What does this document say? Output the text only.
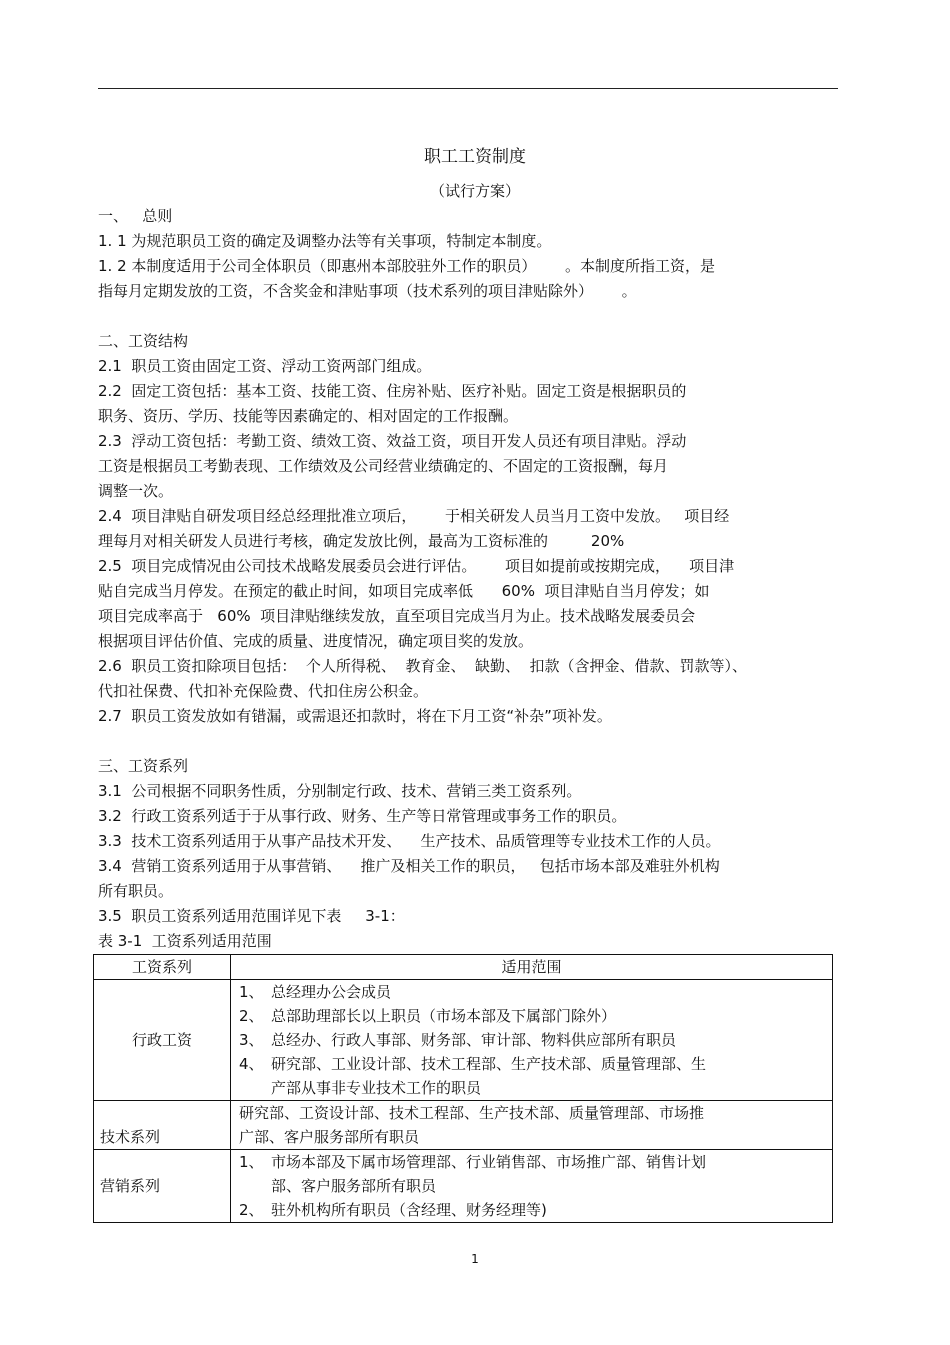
职工工资制度
（试行方案）
一、   总则
1. 1 为规范职员工资的确定及调整办法等有关事项，特制定本制度。
1. 2 本制度适用于公司全体职员（即惠州本部胶驻外工作的职员）      。本制度所指工资，是
指每月定期发放的工资，不含奖金和津贴事项（技术系列的项目津贴除外）      。
二、工资结构
2.1  职员工资由固定工资、浮动工资两部门组成。
2.2  固定工资包括：基本工资、技能工资、住房补贴、医疗补贴。固定工资是根据职员的
职务、资历、学历、技能等因素确定的、相对固定的工作报酬。
2.3  浮动工资包括：考勤工资、绩效工资、效益工资，项目开发人员还有项目津贴。浮动
工资是根据员工考勤表现、工作绩效及公司经营业绩确定的、不固定的工资报酬，每月
调整一次。
2.4  项目津贴自研发项目经总经理批准立项后，      于相关研发人员当月工资中发放。   项目经
理每月对相关研发人员进行考核，确定发放比例，最高为工资标准的         20%
2.5  项目完成情况由公司技术战略发展委员会进行评估。      项目如提前或按期完成，    项目津
贴自完成当月停发。在预定的截止时间，如项目完成率低      60%  项目津贴自当月停发；如
项目完成率高于   60%  项目津贴继续发放，直至项目完成当月为止。技术战略发展委员会
根据项目评估价值、完成的质量、进度情况，确定项目奖的发放。
2.6  职员工资扣除项目包括：  个人所得税、  教育金、  缺勤、  扣款（含押金、借款、罚款等）、
代扣社保费、代扣补充保险费、代扣住房公积金。
2.7  职员工资发放如有错漏，或需退还扣款时，将在下月工资“补杂”项补发。
三、工资系列
3.1  公司根据不同职务性质，分别制定行政、技术、营销三类工资系列。
3.2  行政工资系列适于于从事行政、财务、生产等日常管理或事务工作的职员。
3.3  技术工资系列适用于从事产品技术开发、    生产技术、品质管理等专业技术工作的人员。
3.4  营销工资系列适用于从事营销、    推广及相关工作的职员，   包括市场本部及难驻外机构
所有职员。
3.5  职员工资系列适用范围详见下表     3-1：
表 3-1  工资系列适用范围
工资系列	适用范围
行政工资	1、 总经理办公会成员
2、 总部助理部长以上职员（市场本部及下属部门除外）
3、 总经办、行政人事部、财务部、审计部、物料供应部所有职员
4、 研究部、工业设计部、技术工程部、生产技术部、质量管理部、生
产部从事非专业技术工作的职员

技术系列	研究部、工资设计部、技术工程部、生产技术部、质量管理部、市场推
广部、客户服务部所有职员

营销系列	1、 市场本部及下属市场管理部、行业销售部、市场推广部、销售计划
部、客户服务部所有职员
2、 驻外机构所有职员（含经理、财务经理等)
1
